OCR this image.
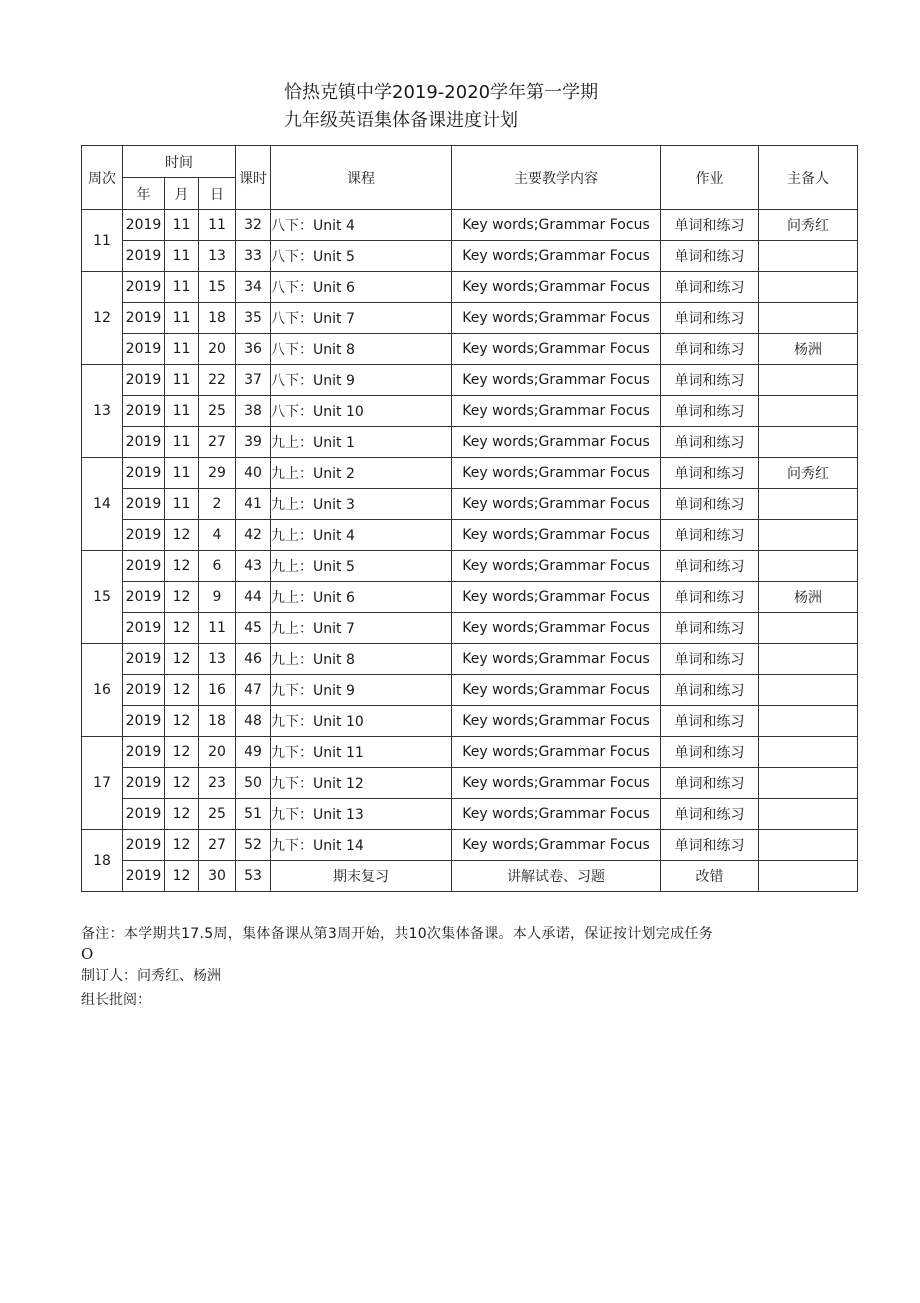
恰热克镇中学2019-2020学年第一学期
九年级英语集体备课进度计划
周次	时间			课时	课程	主要教学内容	作业	主备人
	年	月	日					
11	2019	11	11	32	八下：Unit 4	Key words;Grammar Focus	单词和练习	问秀红
	2019	11	13	33	八下：Unit 5	Key words;Grammar Focus	单词和练习	
12	2019	11	15	34	八下：Unit 6	Key words;Grammar Focus	单词和练习	
	2019	11	18	35	八下：Unit 7	Key words;Grammar Focus	单词和练习	
	2019	11	20	36	八下：Unit 8	Key words;Grammar Focus	单词和练习	杨洲
13	2019	11	22	37	八下：Unit 9	Key words;Grammar Focus	单词和练习	
	2019	11	25	38	八下：Unit 10	Key words;Grammar Focus	单词和练习	
	2019	11	27	39	九上：Unit 1	Key words;Grammar Focus	单词和练习	
14	2019	11	29	40	九上：Unit 2	Key words;Grammar Focus	单词和练习	问秀红
	2019	11	2	41	九上：Unit 3	Key words;Grammar Focus	单词和练习	
	2019	12	4	42	九上：Unit 4	Key words;Grammar Focus	单词和练习	
15	2019	12	6	43	九上：Unit 5	Key words;Grammar Focus	单词和练习	
	2019	12	9	44	九上：Unit 6	Key words;Grammar Focus	单词和练习	杨洲
	2019	12	11	45	九上：Unit 7	Key words;Grammar Focus	单词和练习	
16	2019	12	13	46	九上：Unit 8	Key words;Grammar Focus	单词和练习	
	2019	12	16	47	九下：Unit 9	Key words;Grammar Focus	单词和练习	
	2019	12	18	48	九下：Unit 10	Key words;Grammar Focus	单词和练习	
17	2019	12	20	49	九下：Unit 11	Key words;Grammar Focus	单词和练习	
	2019	12	23	50	九下：Unit 12	Key words;Grammar Focus	单词和练习	
	2019	12	25	51	九下：Unit 13	Key words;Grammar Focus	单词和练习	
18	2019	12	27	52	九下：Unit 14	Key words;Grammar Focus	单词和练习	
	2019	12	30	53	期末复习	讲解试卷、习题	改错	
备注：本学期共17.5周，集体备课从第3周开始，共10次集体备课。本人承诺，保证按计划完成任务
O
制订人：问秀红、杨洲
组长批阅：
